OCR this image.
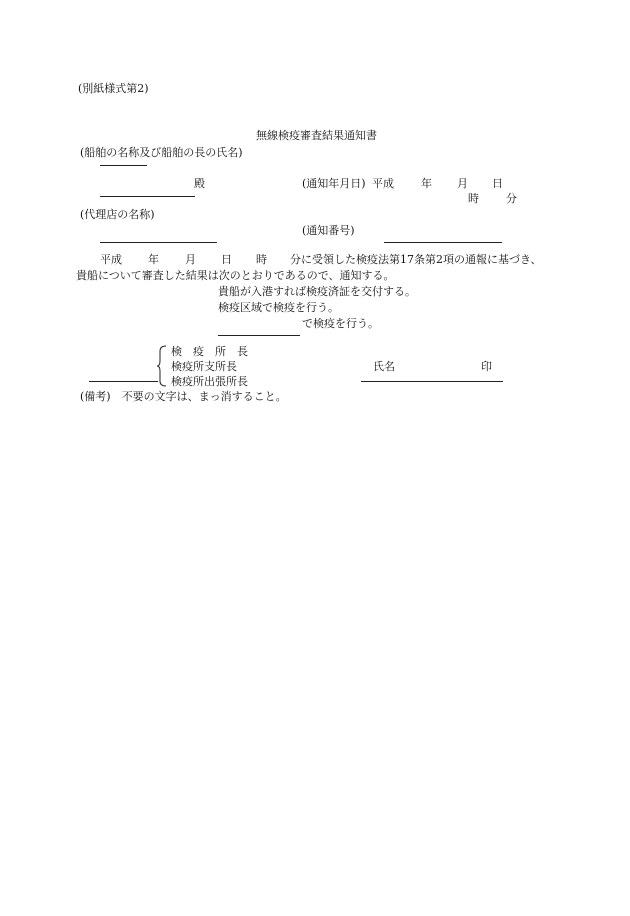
(別紙様式第2)
無線検疫審査結果通知書
(船舶の名称及び船舶の長の氏名)
殿	(通知年月日) 平成 年 月 日
時 分
(代理店の名称)
(通知番号)
平成 年 月 日 時 分に受領した検疫法第17条第2項の通報に基づき、
貴船について審査した結果は次のとおりであるので、通知する。
貴船が入港すれば検疫済証を交付する。
検疫区域で検疫を行う。
で検疫を行う。
検　疫　所　長
検疫所支所長
検疫所出張所長
氏名	印
(備考)　不要の文字は、まっ消すること。
